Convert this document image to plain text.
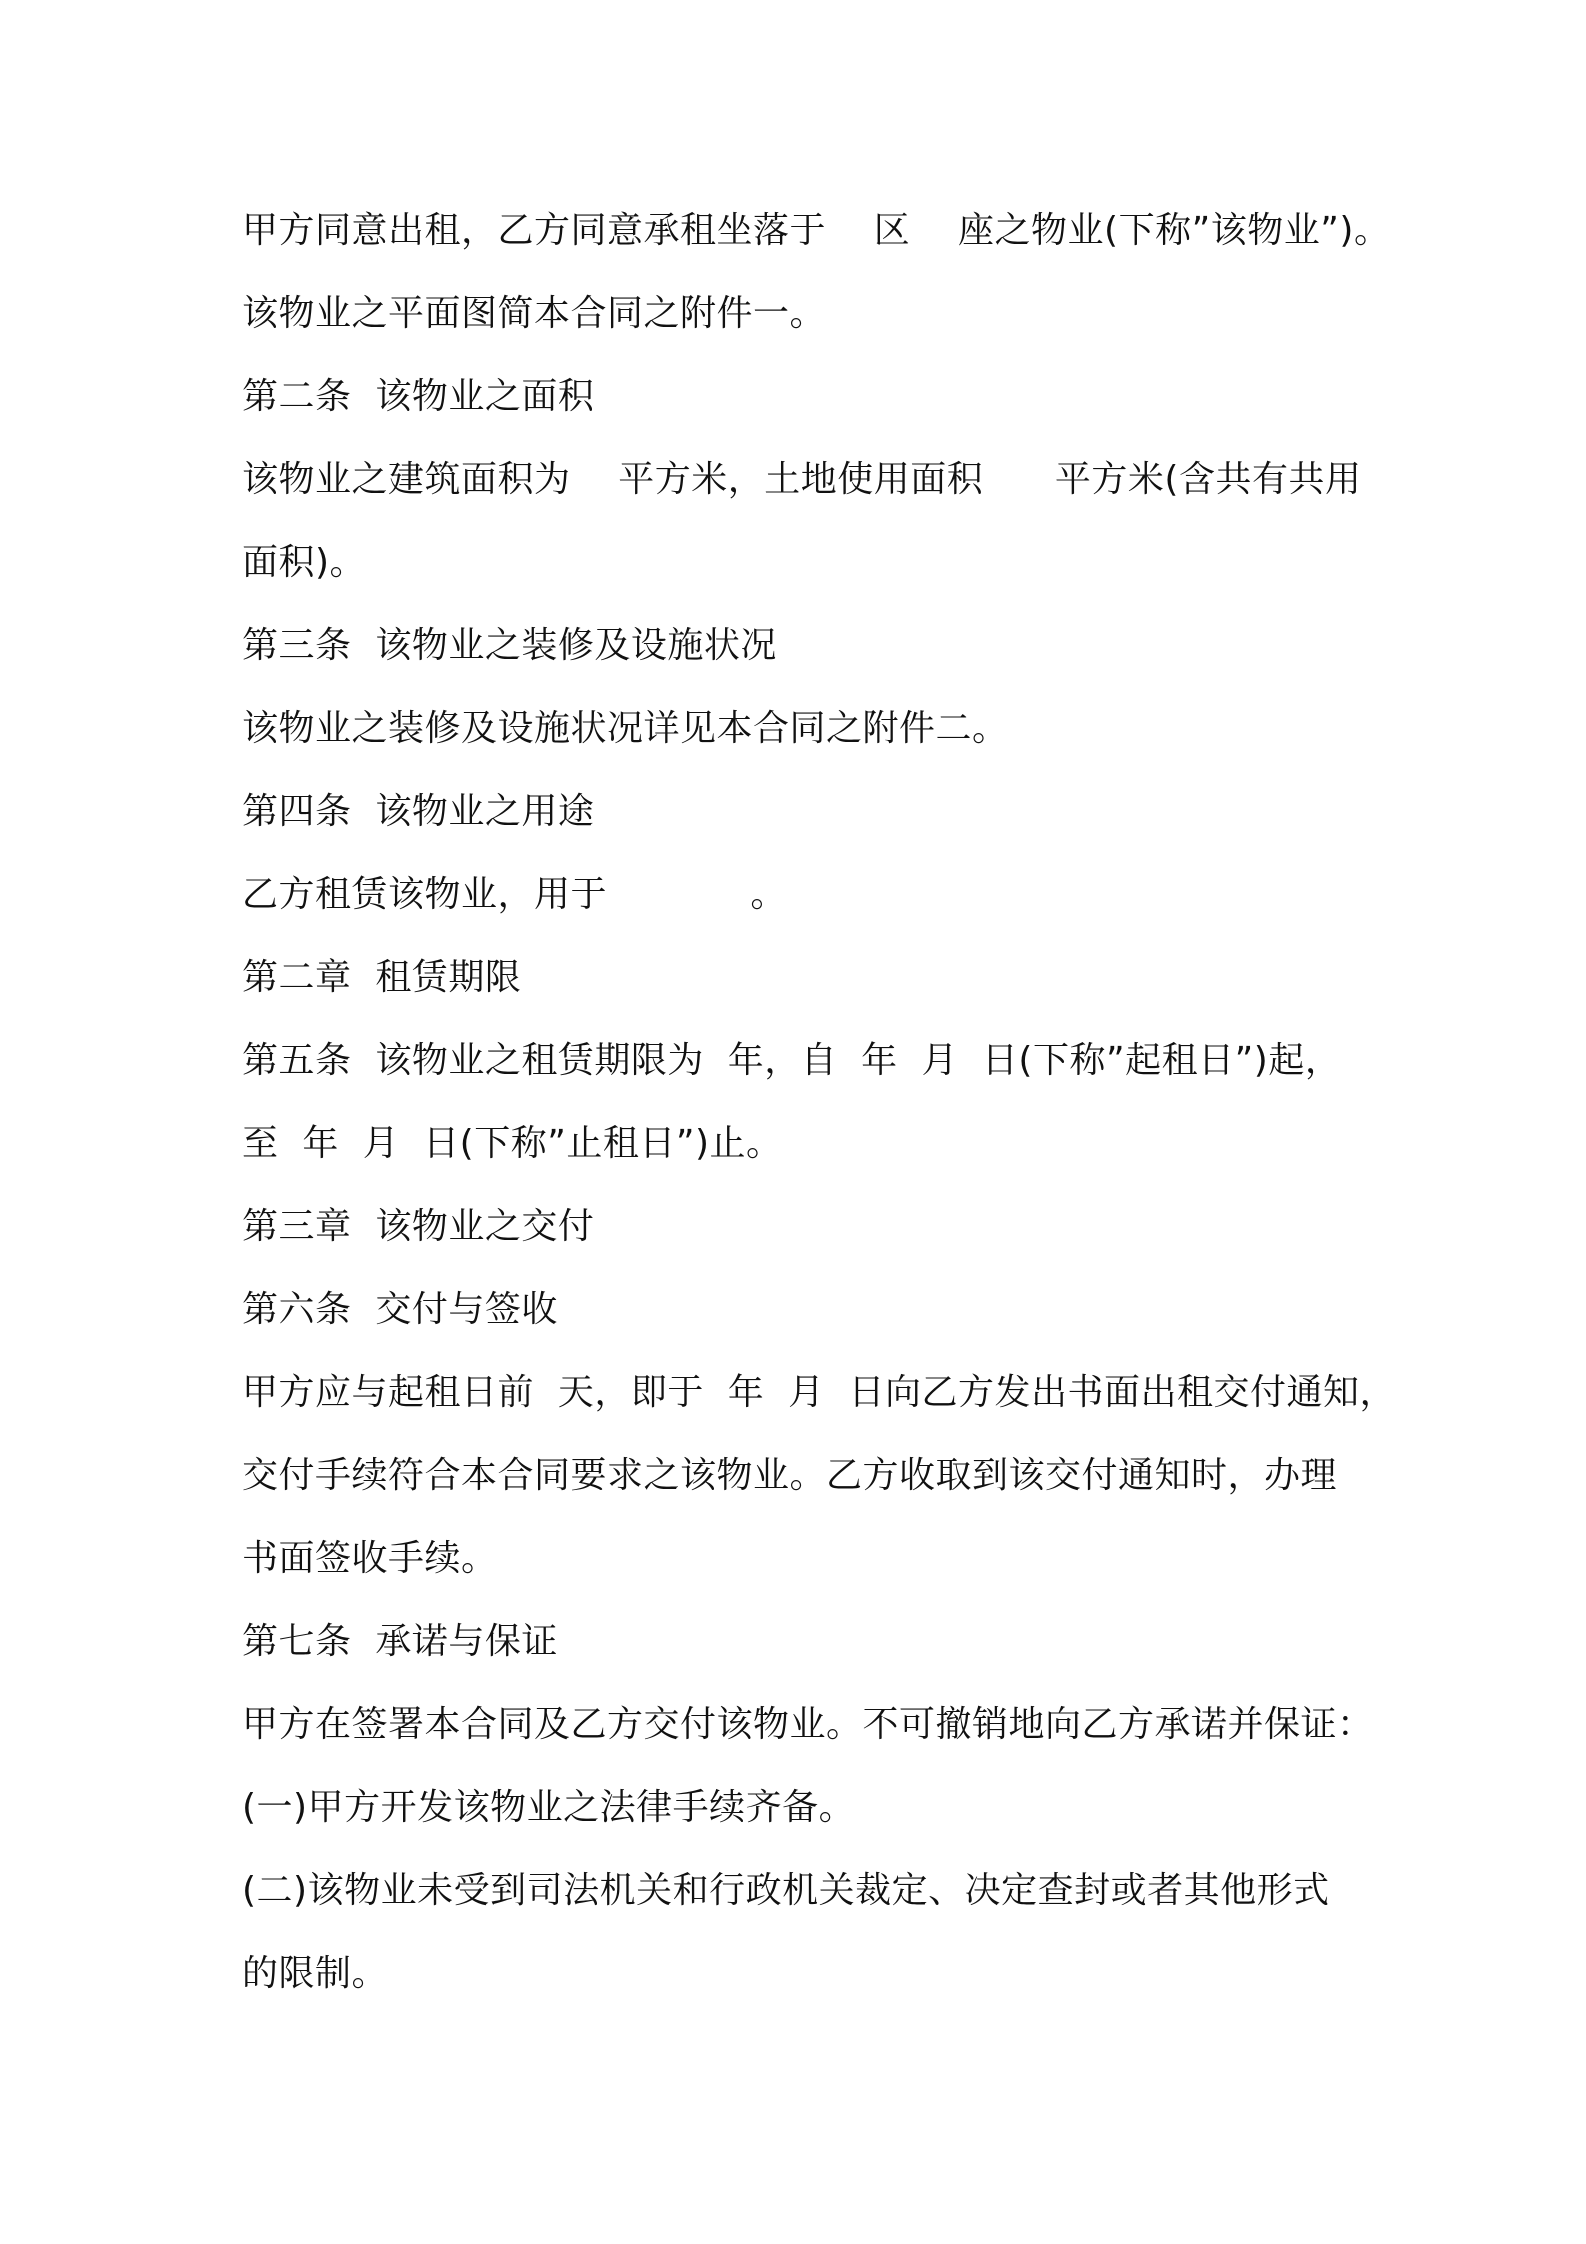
甲方同意出租，乙方同意承租坐落于    区    座之物业(下称”该物业”)。
该物业之平面图简本合同之附件一。
第二条  该物业之面积
该物业之建筑面积为    平方米，土地使用面积      平方米(含共有共用
面积)。
第三条  该物业之装修及设施状况
该物业之装修及设施状况详见本合同之附件二。
第四条  该物业之用途
乙方租赁该物业，用于            。
第二章  租赁期限
第五条  该物业之租赁期限为  年，自  年  月  日(下称”起租日”)起，
至  年  月  日(下称”止租日”)止。
第三章  该物业之交付
第六条  交付与签收
甲方应与起租日前  天，即于  年  月  日向乙方发出书面出租交付通知，
交付手续符合本合同要求之该物业。乙方收取到该交付通知时，办理
书面签收手续。
第七条  承诺与保证
甲方在签署本合同及乙方交付该物业。不可撤销地向乙方承诺并保证：
(一)甲方开发该物业之法律手续齐备。
(二)该物业未受到司法机关和行政机关裁定、决定查封或者其他形式
的限制。
